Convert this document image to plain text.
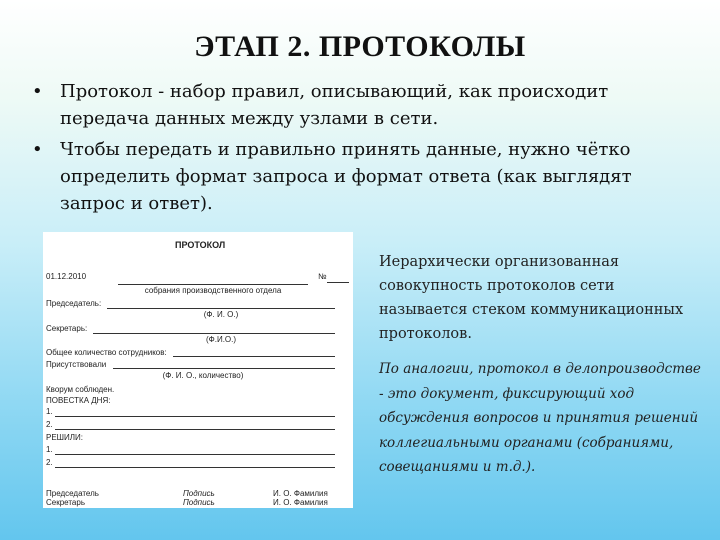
ЭТАП 2. ПРОТОКОЛЫ
• Протокол - набор правил, описывающий, как происходит передача данных между узлами в сети.
• Чтобы передать и правильно принять данные, нужно чётко определить формат запроса и формат ответа (как выглядят запрос и ответ).
ПРОТОКОЛ
01.12.2010	№
собрания производственного отдела
Председатель:
(Ф. И. О.)
Секретарь:
(Ф.И.О.)
Общее количество сотрудников:
Присутствовали
(Ф. И. О., количество)
Кворум соблюден.
ПОВЕСТКА ДНЯ:
1.
2.
РЕШИЛИ:
1.
2.
Председатель	Подпись	И. О. Фамилия
Секретарь	Подпись	И. О. Фамилия
Иерархически организованная совокупность протоколов сети называется стеком коммуникационных протоколов.
По аналогии, протокол в делопроизводстве - это документ, фиксирующий ход обсуждения вопросов и принятия решений коллегиальными органами (собраниями, совещаниями и т.д.).
